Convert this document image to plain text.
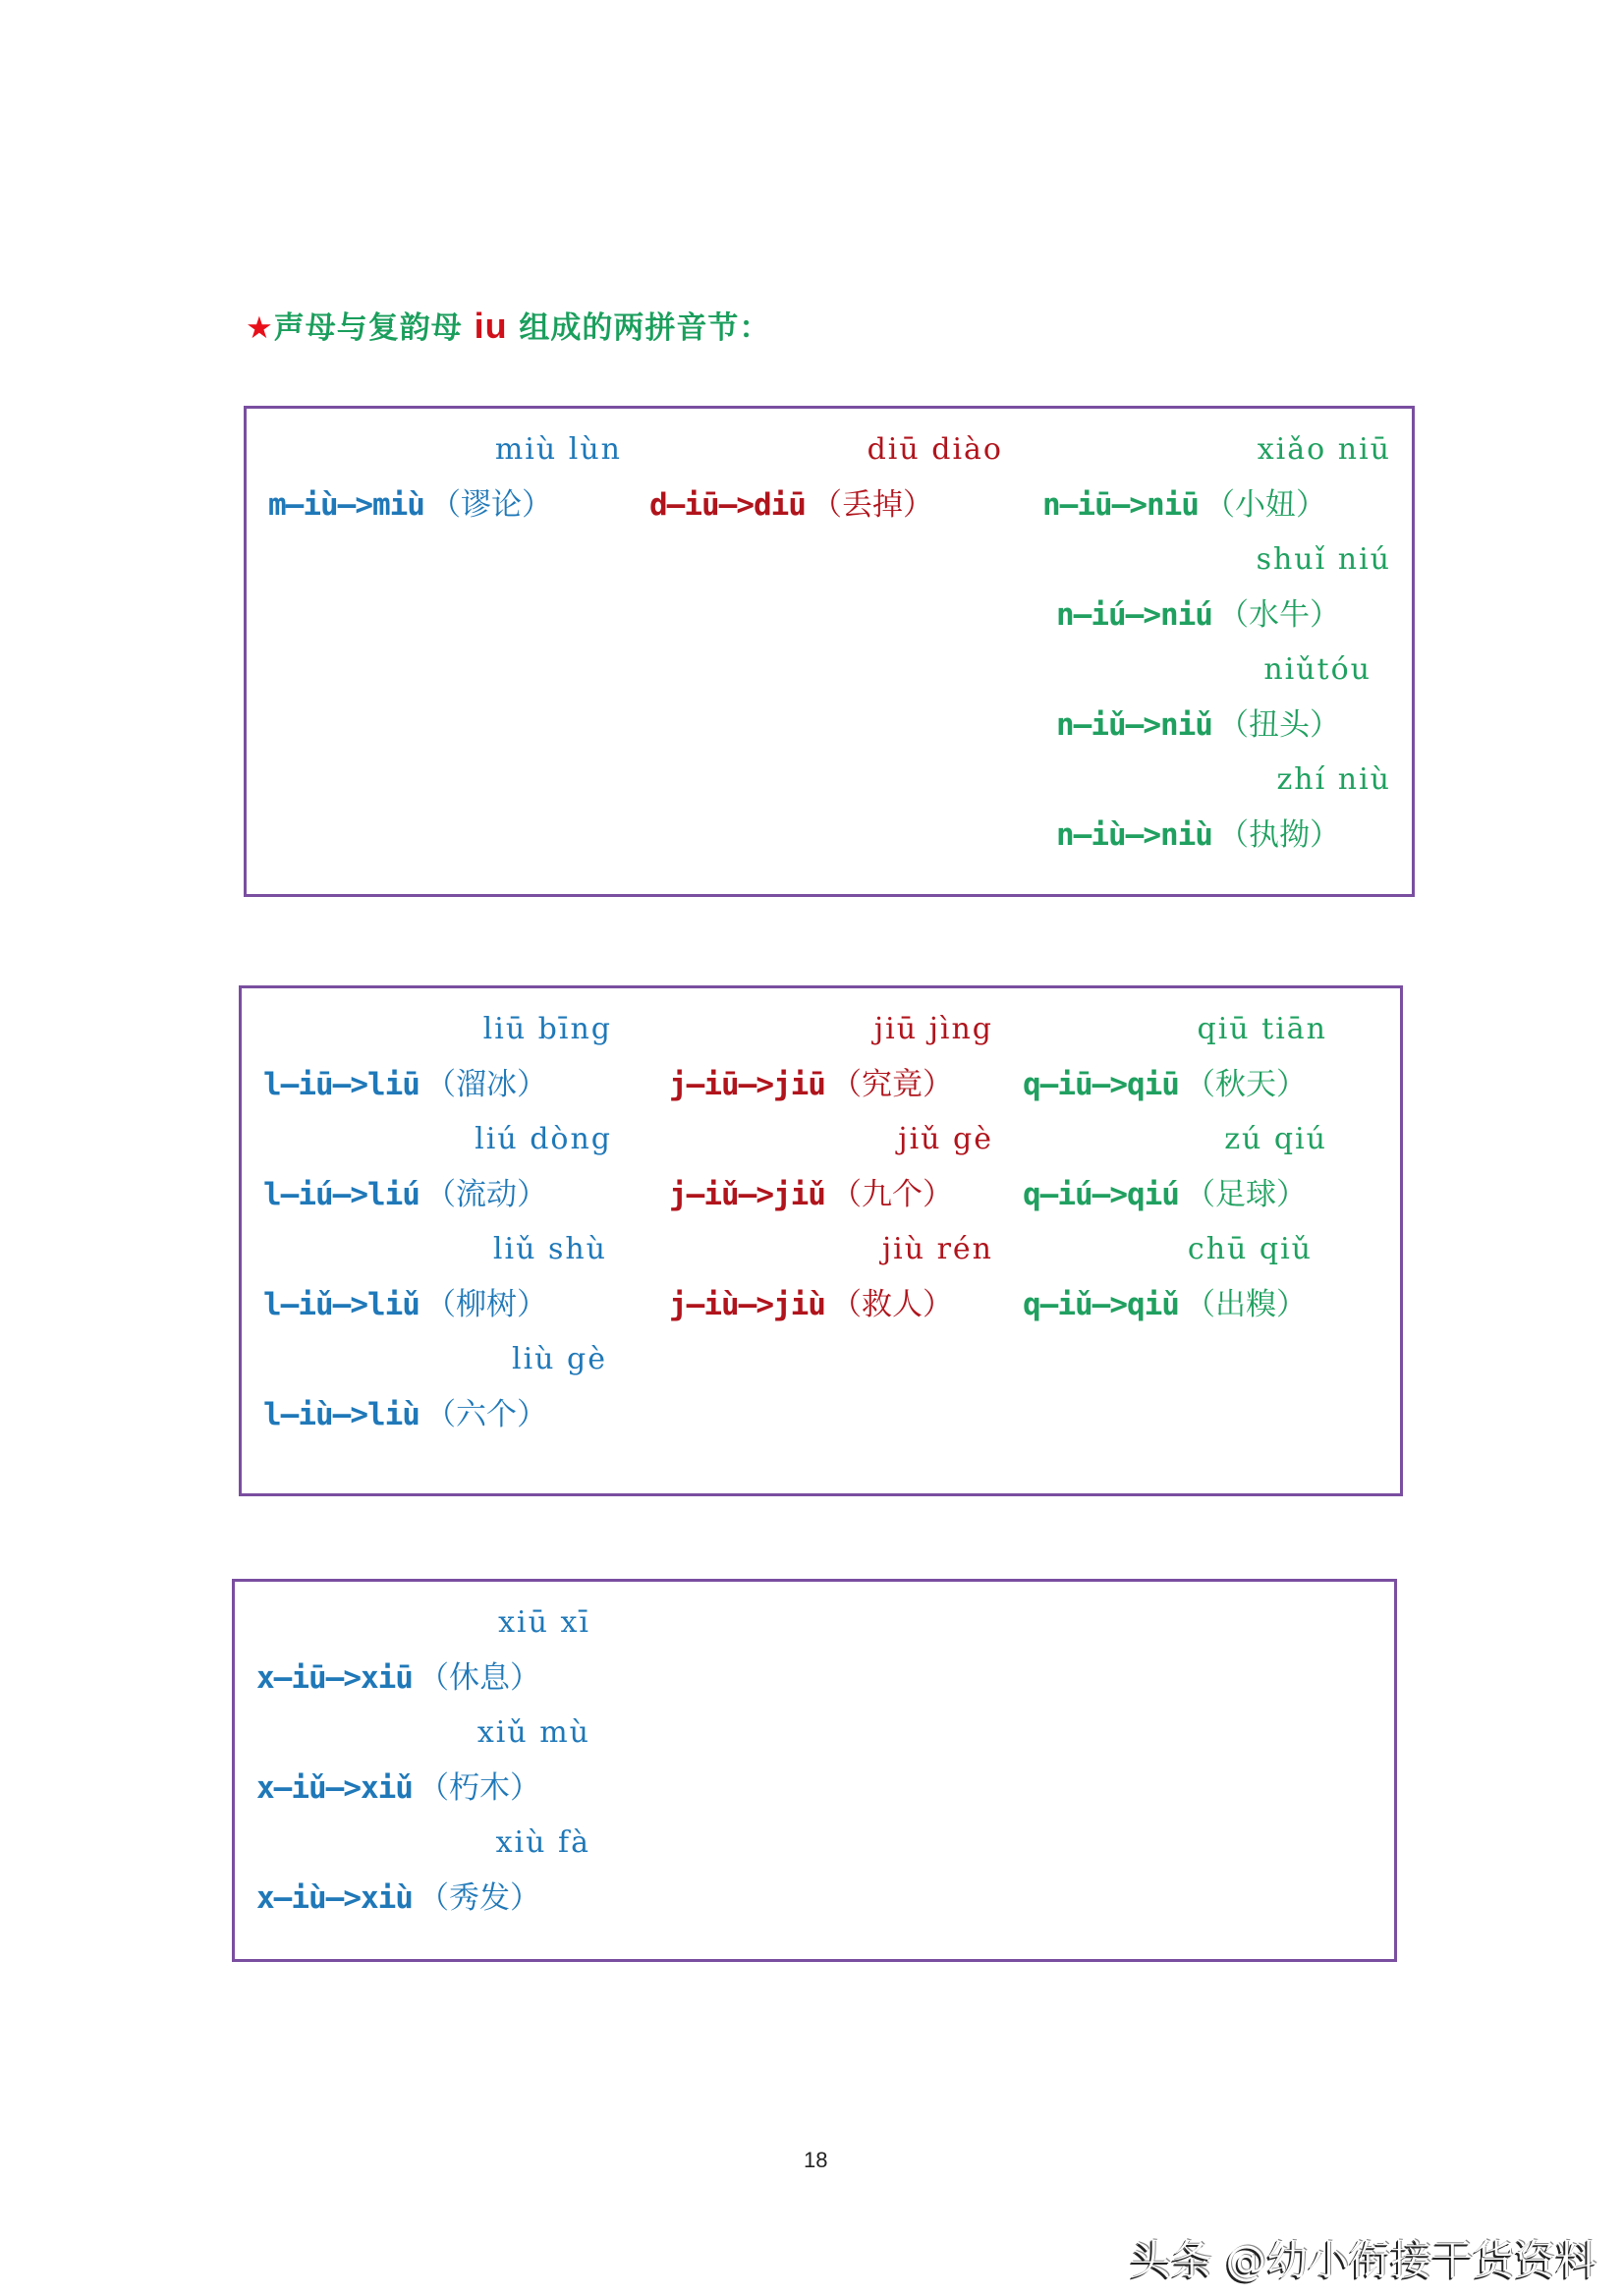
★声母与复韵母 iu 组成的两拼音节：
miù lùn
m—iù—>miù （谬论）
diū diào
d—iū—>diū （丢掉）
xiǎo niū
n—iū—>niū （小妞）
shuǐ niú
n—iú—>niú （水牛）
niǔtóu
n—iǔ—>niǔ （扭头）
zhí niù
n—iù—>niù （执拗）
liū bīng
l—iū—>liū （溜冰）
liú dòng
l—iú—>liú （流动）
liǔ shù
l—iǔ—>liǔ （柳树）
liù gè
l—iù—>liù （六个）
jiū jìng
j—iū—>jiū （究竟）
jiǔ gè
j—iǔ—>jiǔ （九个）
jiù rén
j—iù—>jiù （救人）
qiū tiān
q—iū—>qiū （秋天）
zú qiú
q—iú—>qiú （足球）
chū qiǔ
q—iǔ—>qiǔ （出糗）
xiū xī
x—iū—>xiū （休息）
xiǔ mù
x—iǔ—>xiǔ （朽木）
xiù fà
x—iù—>xiù （秀发）
18
头条 @幼小衔接干货资料
